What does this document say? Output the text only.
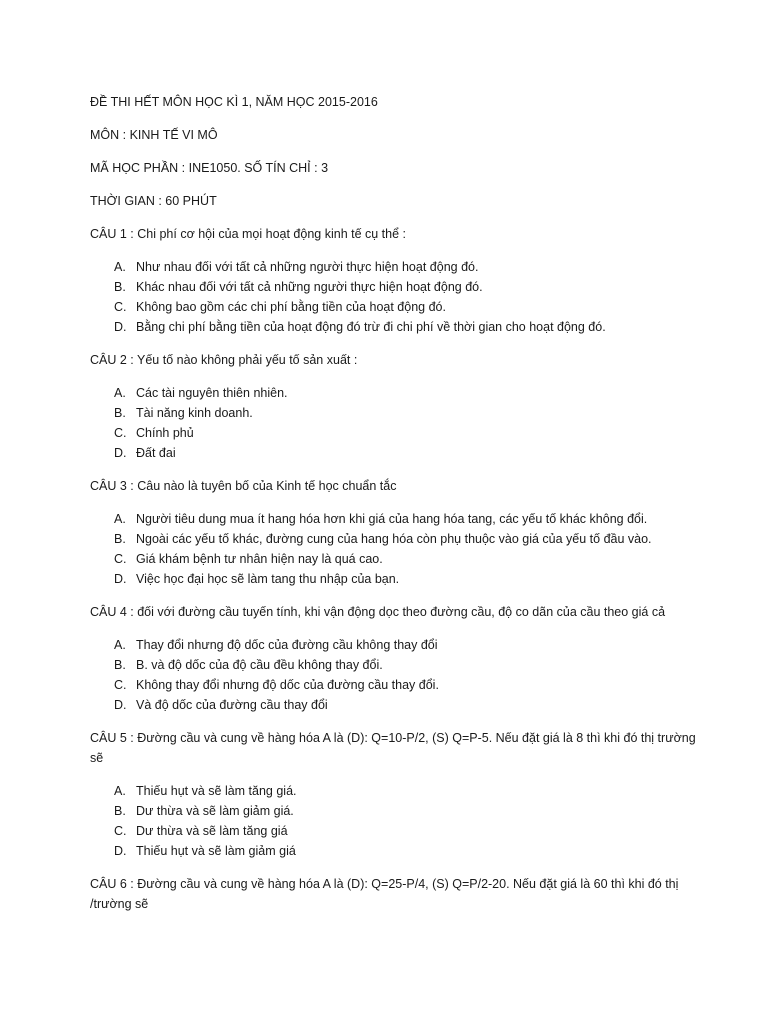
ĐỀ THI HẾT MÔN HỌC KÌ 1, NĂM HỌC 2015-2016

MÔN : KINH TẾ VI MÔ

MÃ HỌC PHẦN : INE1050. SỐ TÍN CHỈ : 3

THỜI GIAN : 60 PHÚT

CÂU 1 : Chi phí cơ hội của mọi hoạt động kinh tế cụ thể :

A. Như nhau đối với tất cả những người thực hiện hoạt động đó.
B. Khác nhau đối với tất cả những người thực hiện hoạt động đó.
C. Không bao gồm các chi phí bằng tiền của hoạt động đó.
D. Bằng chi phí bằng tiền của hoạt động đó trừ đi chi phí về thời gian cho hoạt động đó.

CÂU 2 : Yếu tố nào không phải yếu tố sản xuất :

A. Các tài nguyên thiên nhiên.
B. Tài năng kinh doanh.
C. Chính phủ
D. Đất đai

CÂU 3 : Câu nào là tuyên bố của Kinh tế học chuẩn tắc

A. Người tiêu dung mua ít hang hóa hơn khi giá của hang hóa tang, các yếu tố khác không đổi.
B. Ngoài các yếu tố khác, đường cung của hang hóa còn phụ thuộc vào giá của yếu tố đầu vào.
C. Giá khám bệnh tư nhân hiện nay là quá cao.
D. Việc học đại học sẽ làm tang thu nhập của bạn.

CÂU 4 : đối với đường cầu tuyến tính, khi vận động dọc theo đường cầu, độ co dãn của cầu theo giá cả

A. Thay đổi nhưng độ dốc của đường cầu không thay đổi
B. B. và độ dốc của độ cầu đều không thay đổi.
C. Không thay đổi nhưng độ dốc của đường cầu thay đổi.
D. Và độ dốc của đường cầu thay đổi

CÂU 5 : Đường cầu và cung về hàng hóa A là (D): Q=10-P/2, (S) Q=P-5. Nếu đặt giá là 8 thì khi đó thị trường sẽ

A. Thiếu hụt và sẽ làm tăng giá.
B. Dư thừa và sẽ làm giảm giá.
C. Dư thừa và sẽ làm tăng giá
D. Thiếu hụt và sẽ làm giảm giá

CÂU 6 : Đường cầu và cung về hàng hóa A là (D): Q=25-P/4, (S) Q=P/2-20. Nếu đặt giá là 60 thì khi đó thị /trường sẽ
